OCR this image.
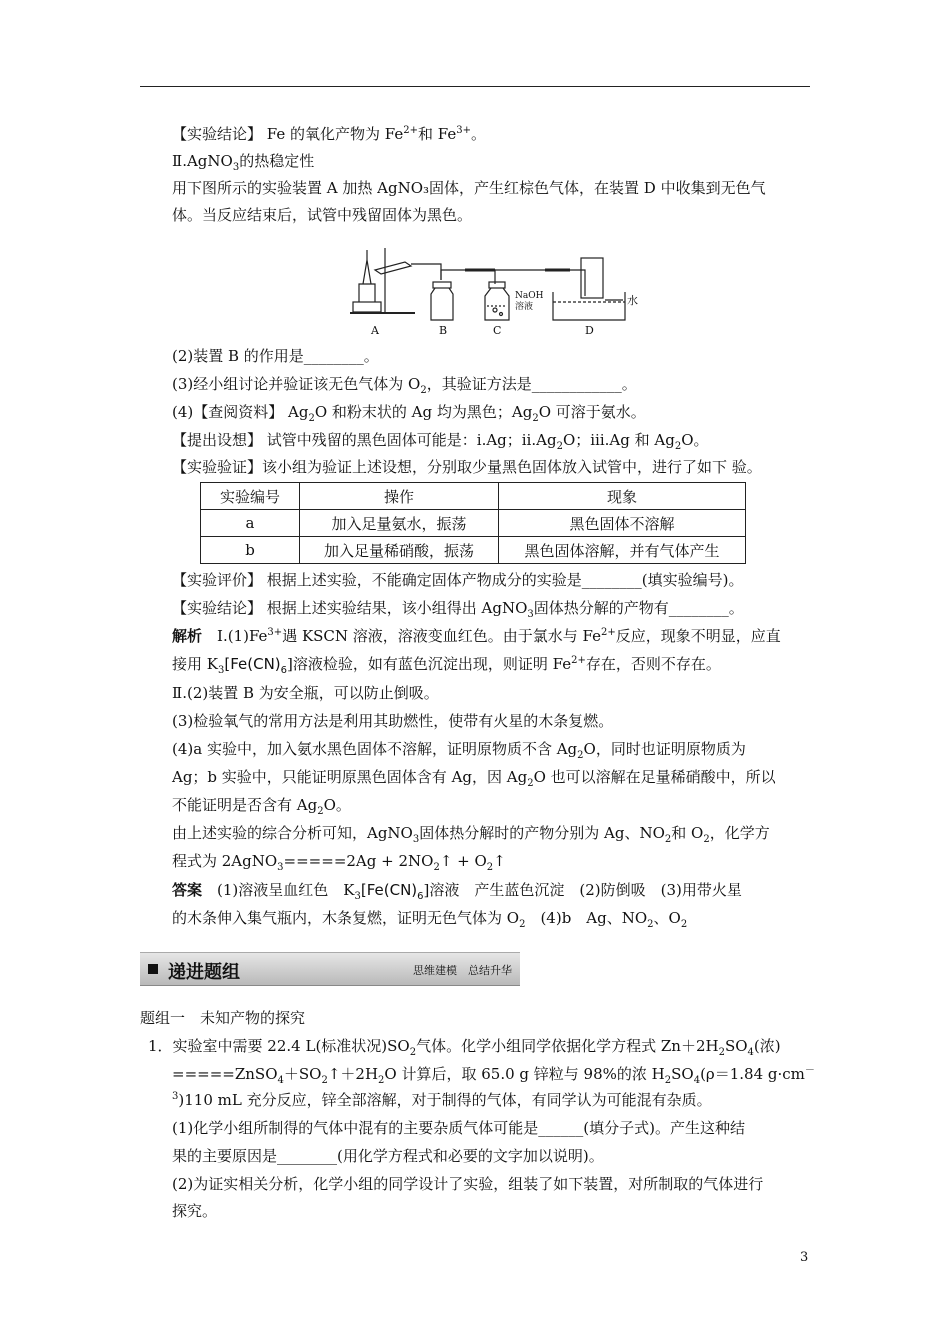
【实验结论】 Fe 的氧化产物为 $Fe^{2+}$和 $Fe^{3+}$。
Ⅱ.AgNO$_3$的热稳定性
用下图所示的实验装置 A 加热 AgNO₃固体，产生红棕色气体，在装置 D 中收集到无色气
体。当反应结束后，试管中残留固体为黑色。
NaOH
溶液	水
A	B	C	D
(2)装置 B 的作用是________。
(3)经小组讨论并验证该无色气体为 $O_2$，其验证方法是____________。
(4)【查阅资料】 $Ag_2O$ 和粉末状的 Ag 均为黑色；$Ag_2O$ 可溶于氨水。
【提出设想】 试管中残留的黑色固体可能是：ⅰ.Ag；$ⅱ.Ag_2O$；ⅲ.Ag 和 $Ag_2O$。
【实验验证】该小组为验证上述设想，分别取少量黑色固体放入试管中，进行了如下 验。
实验编号	操作	现象
a	加入足量氨水，振荡	黑色固体不溶解
b	加入足量稀硝酸，振荡	黑色固体溶解，并有气体产生
【实验评价】 根据上述实验，不能确定固体产物成分的实验是________(填实验编号)。
【实验结论】 根据上述实验结果，该小组得出 AgNO$_3$固体热分解的产物有________。
解析　$Ⅰ.(1)Fe^{3+}$遇 KSCN 溶液，溶液变血红色。由于氯水与 $Fe^{2+}$反应，现象不明显，应直
接用 $K_3[Fe(CN)_6]$溶液检验，如有蓝色沉淀出现，则证明 $Fe^{2+}$存在，否则不存在。
Ⅱ.(2)装置 B 为安全瓶，可以防止倒吸。
(3)检验氧气的常用方法是利用其助燃性，使带有火星的木条复燃。
(4)a 实验中，加入氨水黑色固体不溶解，证明原物质不含 $Ag_2O$，同时也证明原物质为
Ag；b 实验中，只能证明原黑色固体含有 Ag，因 $Ag_2O$ 也可以溶解在足量稀硝酸中，所以
不能证明是否含有 $Ag_2O$。
由上述实验的综合分析可知，AgNO$_3$固体热分解时的产物分别为 Ag、$NO_2$和 $O_2$，化学方
程式为 2AgNO$_3$=====2Ag + $2NO_2↑$ + $O_2↑$
答案　(1)溶液呈血红色　$K_3[Fe(CN)_6]$溶液　产生蓝色沉淀　(2)防倒吸　(3)用带火星
的木条伸入集气瓶内，木条复燃，证明无色气体为 $O_2$　(4)b　Ag、$NO_2$、$O_2$
递进题组	思维建模　总结升华
题组一　未知产物的探究
1．实验室中需要 22.4 L(标准状况)$SO_2$气体。化学小组同学依据化学方程式 $Zn+2H_2SO_4$(浓)
$=====ZnSO_4+SO_2↑+2H_2O$ 计算后，取 65.0 g 锌粒与 98%的浓 $H_2SO_4(\rho=1.84$ g·cm－
$^3$)110 mL 充分反应，锌全部溶解，对于制得的气体，有同学认为可能混有杂质。
(1)化学小组所制得的气体中混有的主要杂质气体可能是______(填分子式)。产生这种结
果的主要原因是________(用化学方程式和必要的文字加以说明)。
(2)为证实相关分析，化学小组的同学设计了实验，组装了如下装置，对所制取的气体进行
探究。
3
